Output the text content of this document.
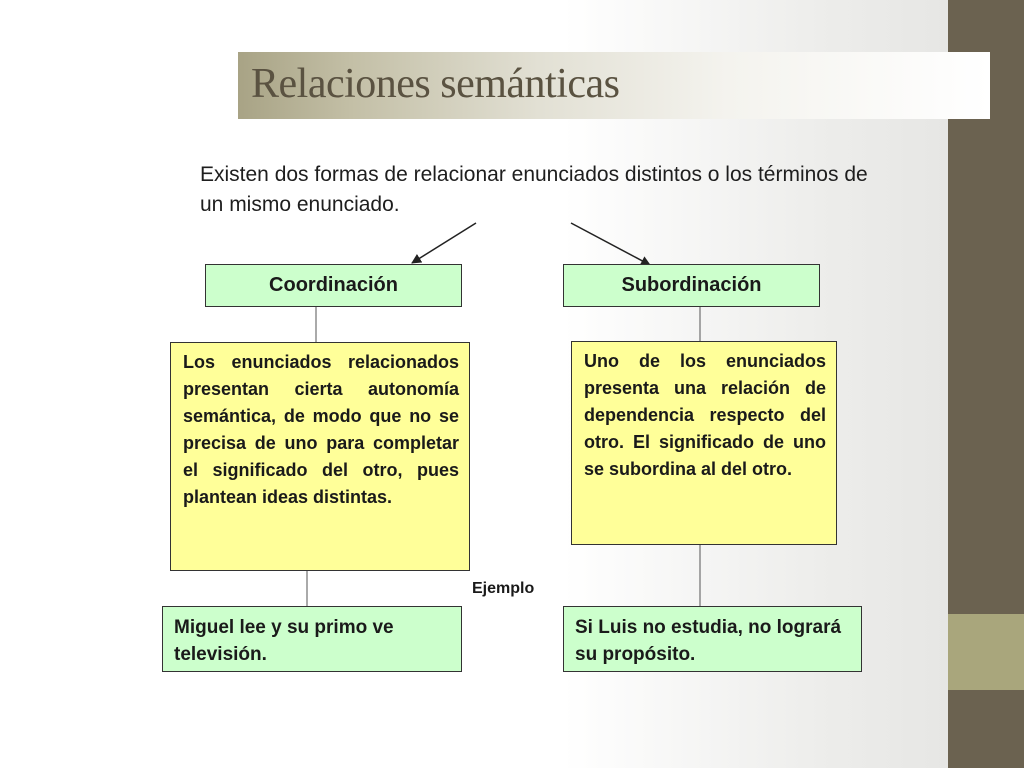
Relaciones semánticas

Existen dos formas de relacionar enunciados distintos o los términos de un mismo enunciado.

Coordinación	Subordinación
Los enunciados relacionados presentan cierta autonomía semántica, de modo que no se precisa de uno para completar el significado del otro, pues plantean ideas distintas.
Uno de los enunciados presenta una relación de dependencia respecto del otro. El significado de uno se subordina al del otro.

Ejemplo

Miguel lee y su primo ve televisión.
Si Luis no estudia, no logrará su propósito.
